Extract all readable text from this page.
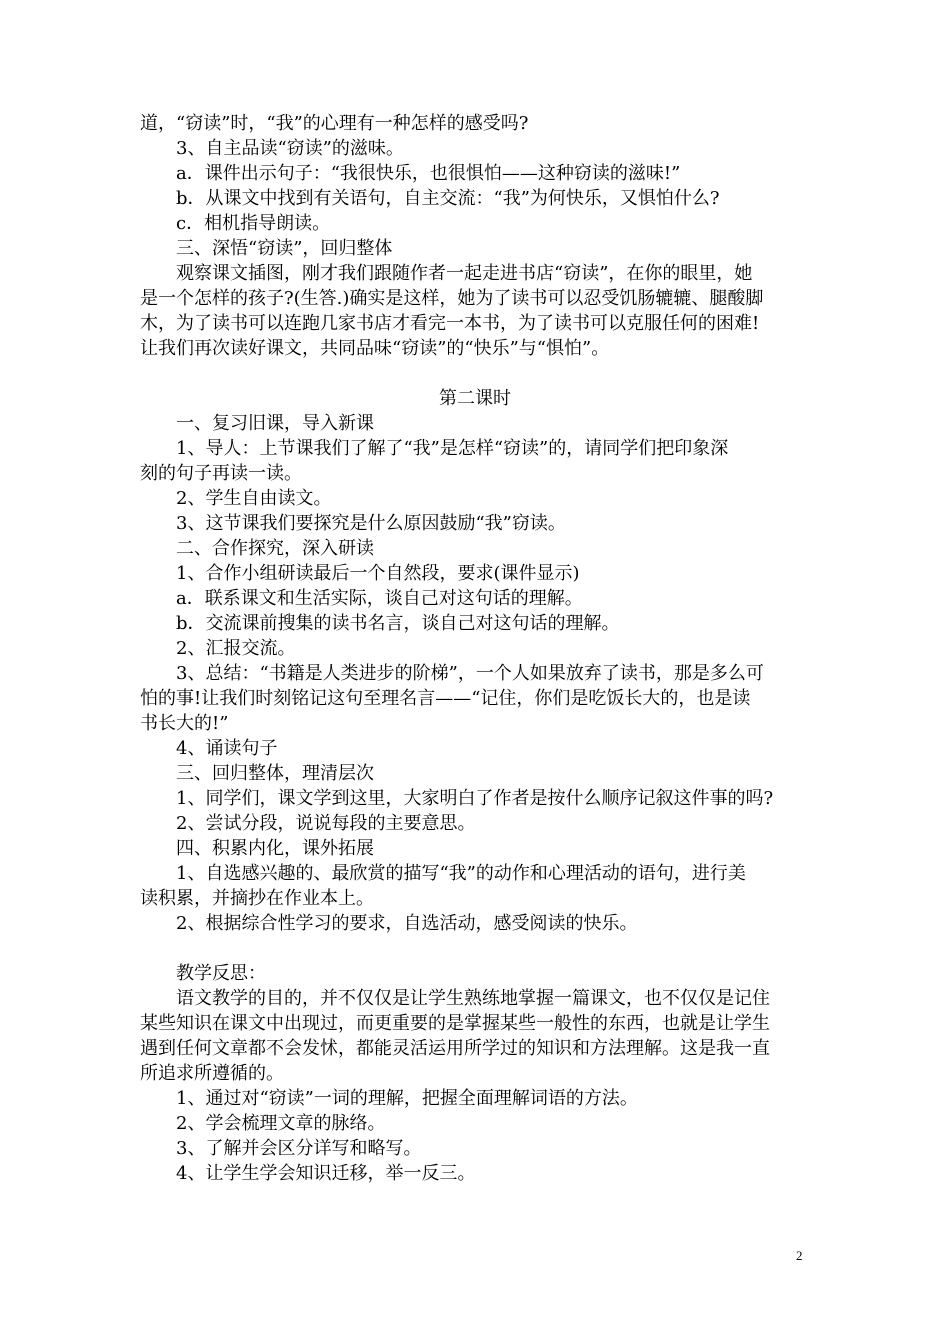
道，“窃读”时，“我”的心理有一种怎样的感受吗?
3、自主品读“窃读”的滋味。
a．课件出示句子：“我很快乐，也很惧怕——这种窃读的滋味!”
b．从课文中找到有关语句，自主交流：“我”为何快乐，又惧怕什么?
c．相机指导朗读。
三、深悟“窃读”，回归整体
观察课文插图，刚才我们跟随作者一起走进书店“窃读”，在你的眼里，她
是一个怎样的孩子?(生答.)确实是这样，她为了读书可以忍受饥肠辘辘、腿酸脚
木，为了读书可以连跑几家书店才看完一本书，为了读书可以克服任何的困难!
让我们再次读好课文，共同品味“窃读”的“快乐”与“惧怕”。
第二课时
一、复习旧课，导入新课
1、导人：上节课我们了解了“我”是怎样“窃读”的，请同学们把印象深
刻的句子再读一读。
2、学生自由读文。
3、这节课我们要探究是什么原因鼓励“我”窃读。
二、合作探究，深入研读
1、合作小组研读最后一个自然段，要求(课件显示)
a．联系课文和生活实际，谈自己对这句话的理解。
b．交流课前搜集的读书名言，谈自己对这句话的理解。
2、汇报交流。
3、总结：“书籍是人类进步的阶梯”，一个人如果放弃了读书，那是多么可
怕的事!让我们时刻铭记这句至理名言——“记住，你们是吃饭长大的，也是读
书长大的!”
4、诵读句子
三、回归整体，理清层次
1、同学们，课文学到这里，大家明白了作者是按什么顺序记叙这件事的吗?
2、尝试分段，说说每段的主要意思。
四、积累内化，课外拓展
1、自选感兴趣的、最欣赏的描写“我”的动作和心理活动的语句，进行美
读积累，并摘抄在作业本上。
2、根据综合性学习的要求，自选活动，感受阅读的快乐。
教学反思：
语文教学的目的，并不仅仅是让学生熟练地掌握一篇课文，也不仅仅是记住
某些知识在课文中出现过，而更重要的是掌握某些一般性的东西，也就是让学生
遇到任何文章都不会发怵，都能灵活运用所学过的知识和方法理解。这是我一直
所追求所遵循的。
1、通过对“窃读”一词的理解，把握全面理解词语的方法。
2、学会梳理文章的脉络。
3、了解并会区分详写和略写。
4、让学生学会知识迁移，举一反三。
2
